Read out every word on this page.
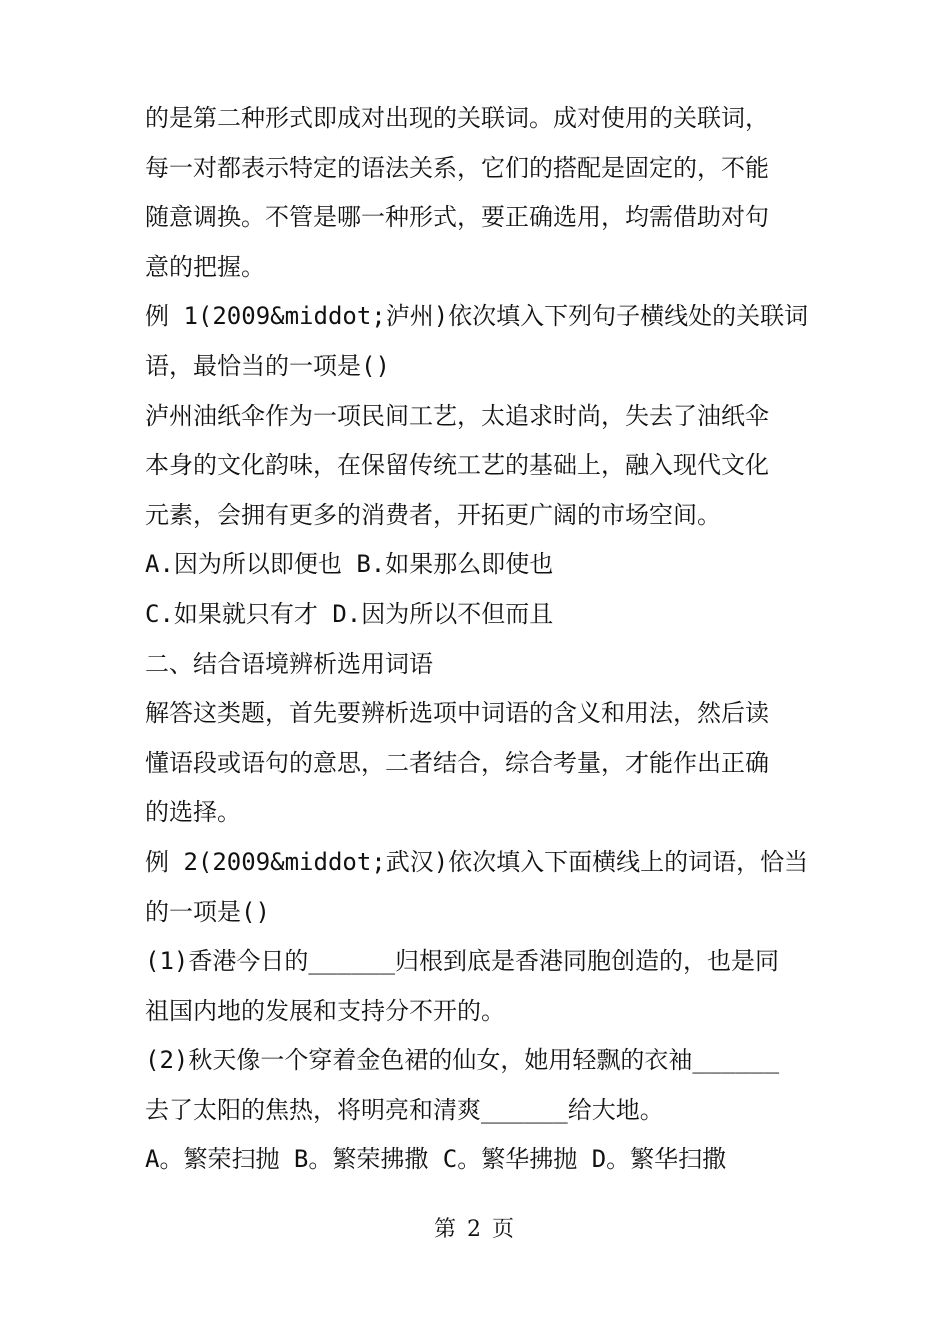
的是第二种形式即成对出现的关联词。成对使用的关联词，
每一对都表示特定的语法关系，它们的搭配是固定的，不能
随意调换。不管是哪一种形式，要正确选用，均需借助对句
意的把握。
例 1(2009&middot;泸州)依次填入下列句子横线处的关联词
语，最恰当的一项是()
泸州油纸伞作为一项民间工艺，太追求时尚，失去了油纸伞
本身的文化韵味，在保留传统工艺的基础上，融入现代文化
元素，会拥有更多的消费者，开拓更广阔的市场空间。
A.因为所以即便也 B.如果那么即使也
C.如果就只有才 D.因为所以不但而且
二、结合语境辨析选用词语
解答这类题，首先要辨析选项中词语的含义和用法，然后读
懂语段或语句的意思，二者结合，综合考量，才能作出正确
的选择。
例 2(2009&middot;武汉)依次填入下面横线上的词语，恰当
的一项是()
(1)香港今日的______归根到底是香港同胞创造的，也是同
祖国内地的发展和支持分不开的。
(2)秋天像一个穿着金色裙的仙女，她用轻飘的衣袖______
去了太阳的焦热，将明亮和清爽______给大地。
A。繁荣扫抛 B。繁荣拂撒 C。繁华拂抛 D。繁华扫撒
第 2 页
